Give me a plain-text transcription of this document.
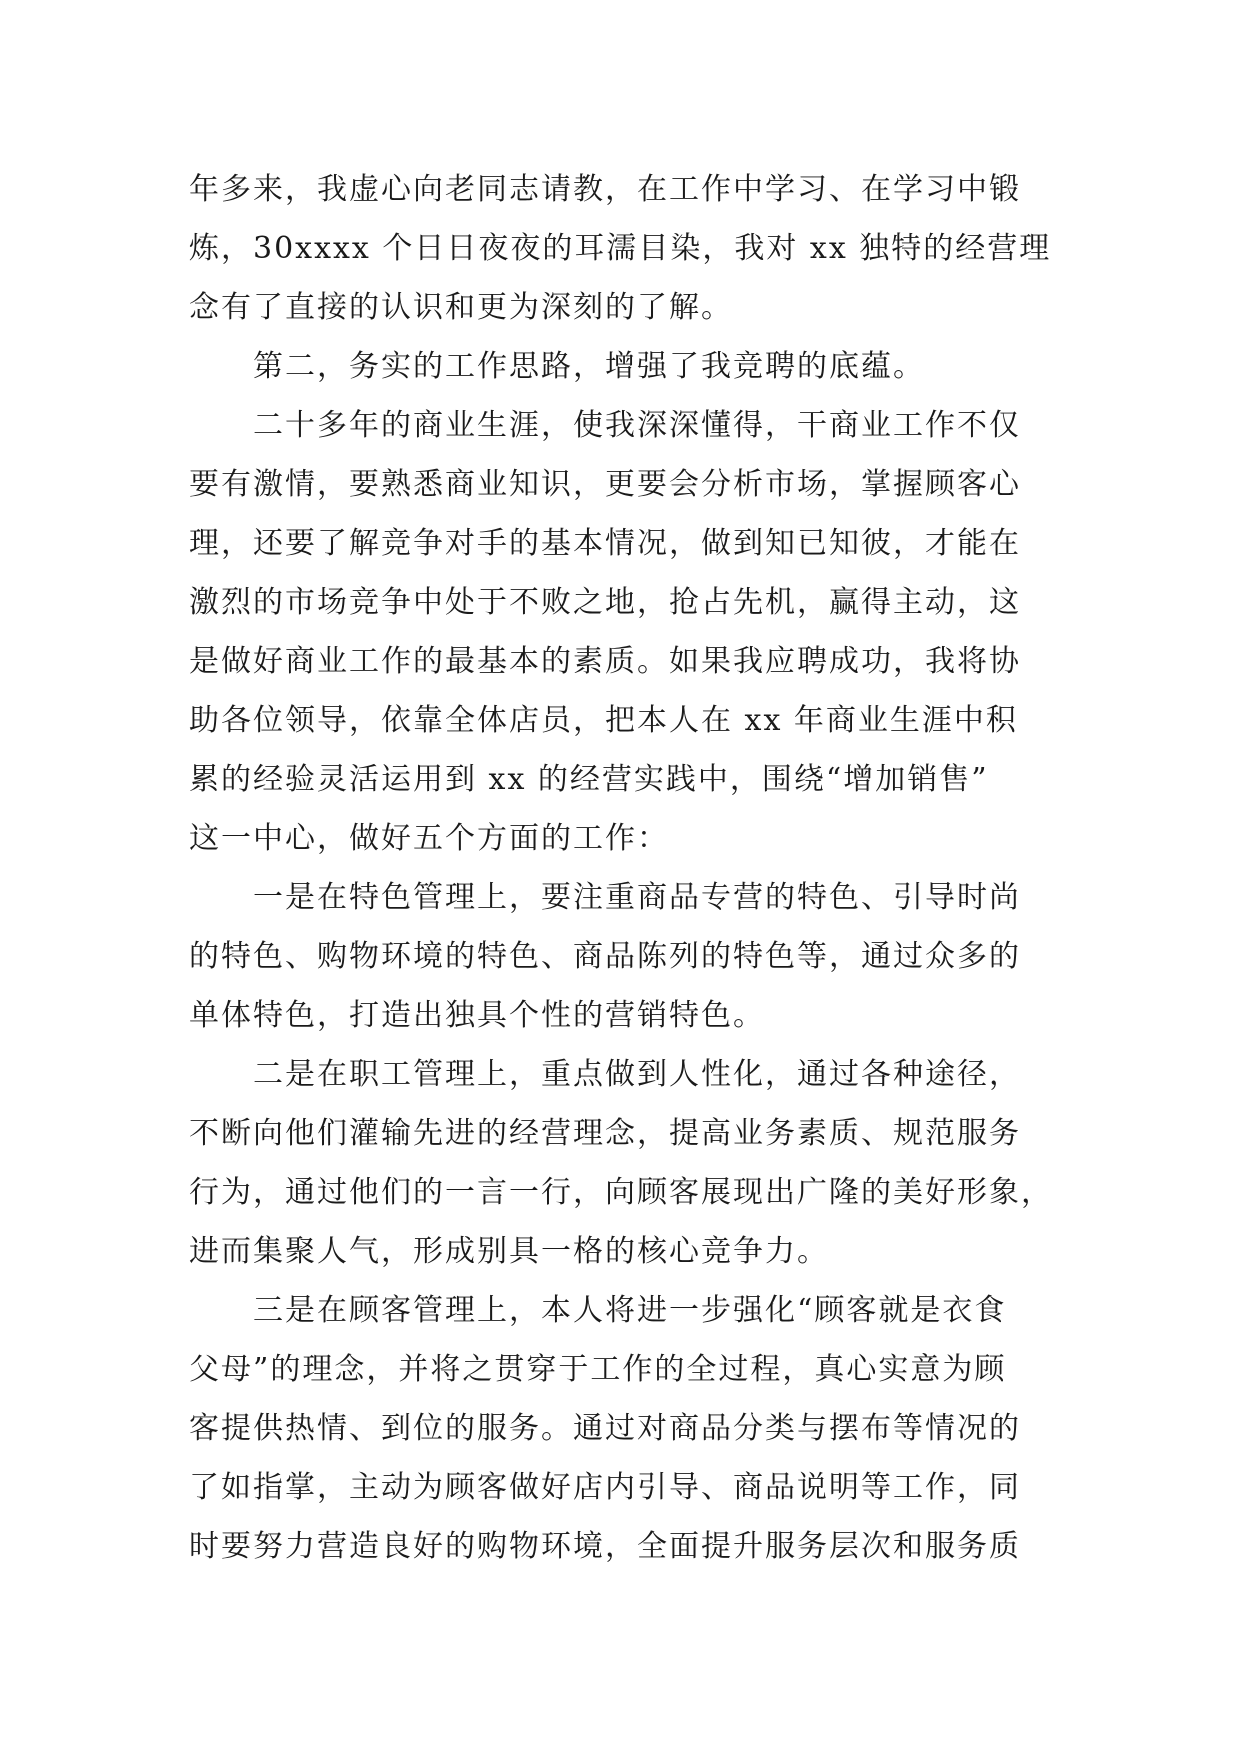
年多来，我虚心向老同志请教，在工作中学习、在学习中锻
炼，30xxxx 个日日夜夜的耳濡目染，我对 xx 独特的经营理
念有了直接的认识和更为深刻的了解。
第二，务实的工作思路，增强了我竞聘的底蕴。
二十多年的商业生涯，使我深深懂得，干商业工作不仅
要有激情，要熟悉商业知识，更要会分析市场，掌握顾客心
理，还要了解竞争对手的基本情况，做到知已知彼，才能在
激烈的市场竞争中处于不败之地，抢占先机，赢得主动，这
是做好商业工作的最基本的素质。如果我应聘成功，我将协
助各位领导，依靠全体店员，把本人在 xx 年商业生涯中积
累的经验灵活运用到 xx 的经营实践中，围绕“增加销售”
这一中心，做好五个方面的工作：
一是在特色管理上，要注重商品专营的特色、引导时尚
的特色、购物环境的特色、商品陈列的特色等，通过众多的
单体特色，打造出独具个性的营销特色。
二是在职工管理上，重点做到人性化，通过各种途径，
不断向他们灌输先进的经营理念，提高业务素质、规范服务
行为，通过他们的一言一行，向顾客展现出广隆的美好形象，
进而集聚人气，形成别具一格的核心竞争力。
三是在顾客管理上，本人将进一步强化“顾客就是衣食
父母”的理念，并将之贯穿于工作的全过程，真心实意为顾
客提供热情、到位的服务。通过对商品分类与摆布等情况的
了如指掌，主动为顾客做好店内引导、商品说明等工作，同
时要努力营造良好的购物环境，全面提升服务层次和服务质
